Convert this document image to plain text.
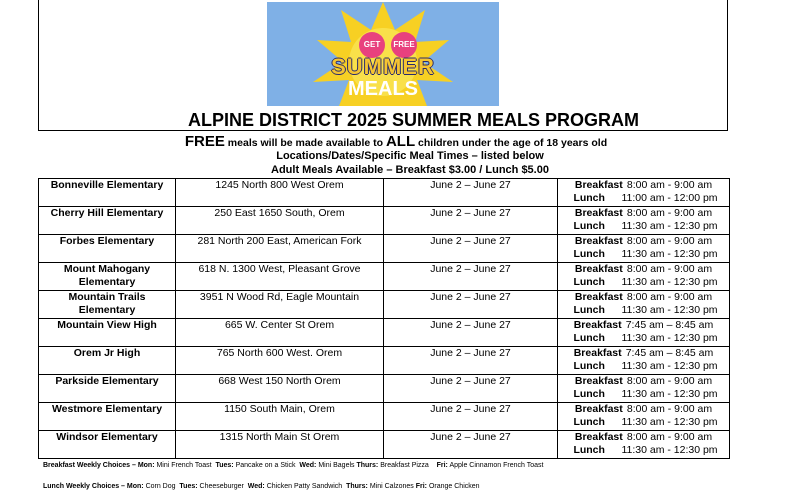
GET	FREE
SUMMER
MEALS
ALPINE DISTRICT 2025 SUMMER MEALS PROGRAM
FREE meals will be made available to ALL children under the age of 18 years old
Locations/Dates/Specific Meal Times – listed below
Adult Meals Available – Breakfast $3.00 / Lunch $5.00
Bonneville Elementary	1245 North 800 West Orem	June 2 – June 27	Breakfast 8:00 am - 9:00 am
Lunch 11:00 am - 12:00 pm

Cherry Hill Elementary	250 East 1650 South, Orem	June 2 – June 27	Breakfast 8:00 am - 9:00 am
Lunch 11:30 am - 12:30 pm

Forbes Elementary	281 North 200 East, American Fork	June 2 – June 27	Breakfast 8:00 am - 9:00 am
Lunch 11:30 am - 12:30 pm

Mount Mahogany Elementary	618 N. 1300 West, Pleasant Grove	June 2 – June 27	Breakfast 8:00 am - 9:00 am
Lunch 11:30 am - 12:30 pm

Mountain Trails Elementary	3951 N Wood Rd, Eagle Mountain	June 2 – June 27	Breakfast 8:00 am - 9:00 am
Lunch 11:30 am - 12:30 pm

Mountain View High	665 W. Center St Orem	June 2 – June 27	Breakfast 7:45 am – 8:45 am
Lunch 11:30 am - 12:30 pm

Orem Jr High	765 North 600 West. Orem	June 2 – June 27	Breakfast 7:45 am – 8:45 am
Lunch 11:30 am - 12:30 pm

Parkside Elementary	668 West 150 North Orem	June 2 – June 27	Breakfast 8:00 am - 9:00 am
Lunch 11:30 am - 12:30 pm

Westmore Elementary	1150 South Main, Orem	June 2 – June 27	Breakfast 8:00 am - 9:00 am
Lunch 11:30 am - 12:30 pm

Windsor Elementary	1315 North Main St Orem	June 2 – June 27	Breakfast 8:00 am - 9:00 am
Lunch 11:30 am - 12:30 pm
Breakfast Weekly Choices – Mon: Mini French Toast  Tues: Pancake on a Stick  Wed: Mini Bagels Thurs: Breakfast Pizza    Fri: Apple Cinnamon French Toast
Lunch Weekly Choices – Mon: Corn Dog  Tues: Cheeseburger  Wed: Chicken Patty Sandwich  Thurs: Mini Calzones Fri: Orange Chicken
